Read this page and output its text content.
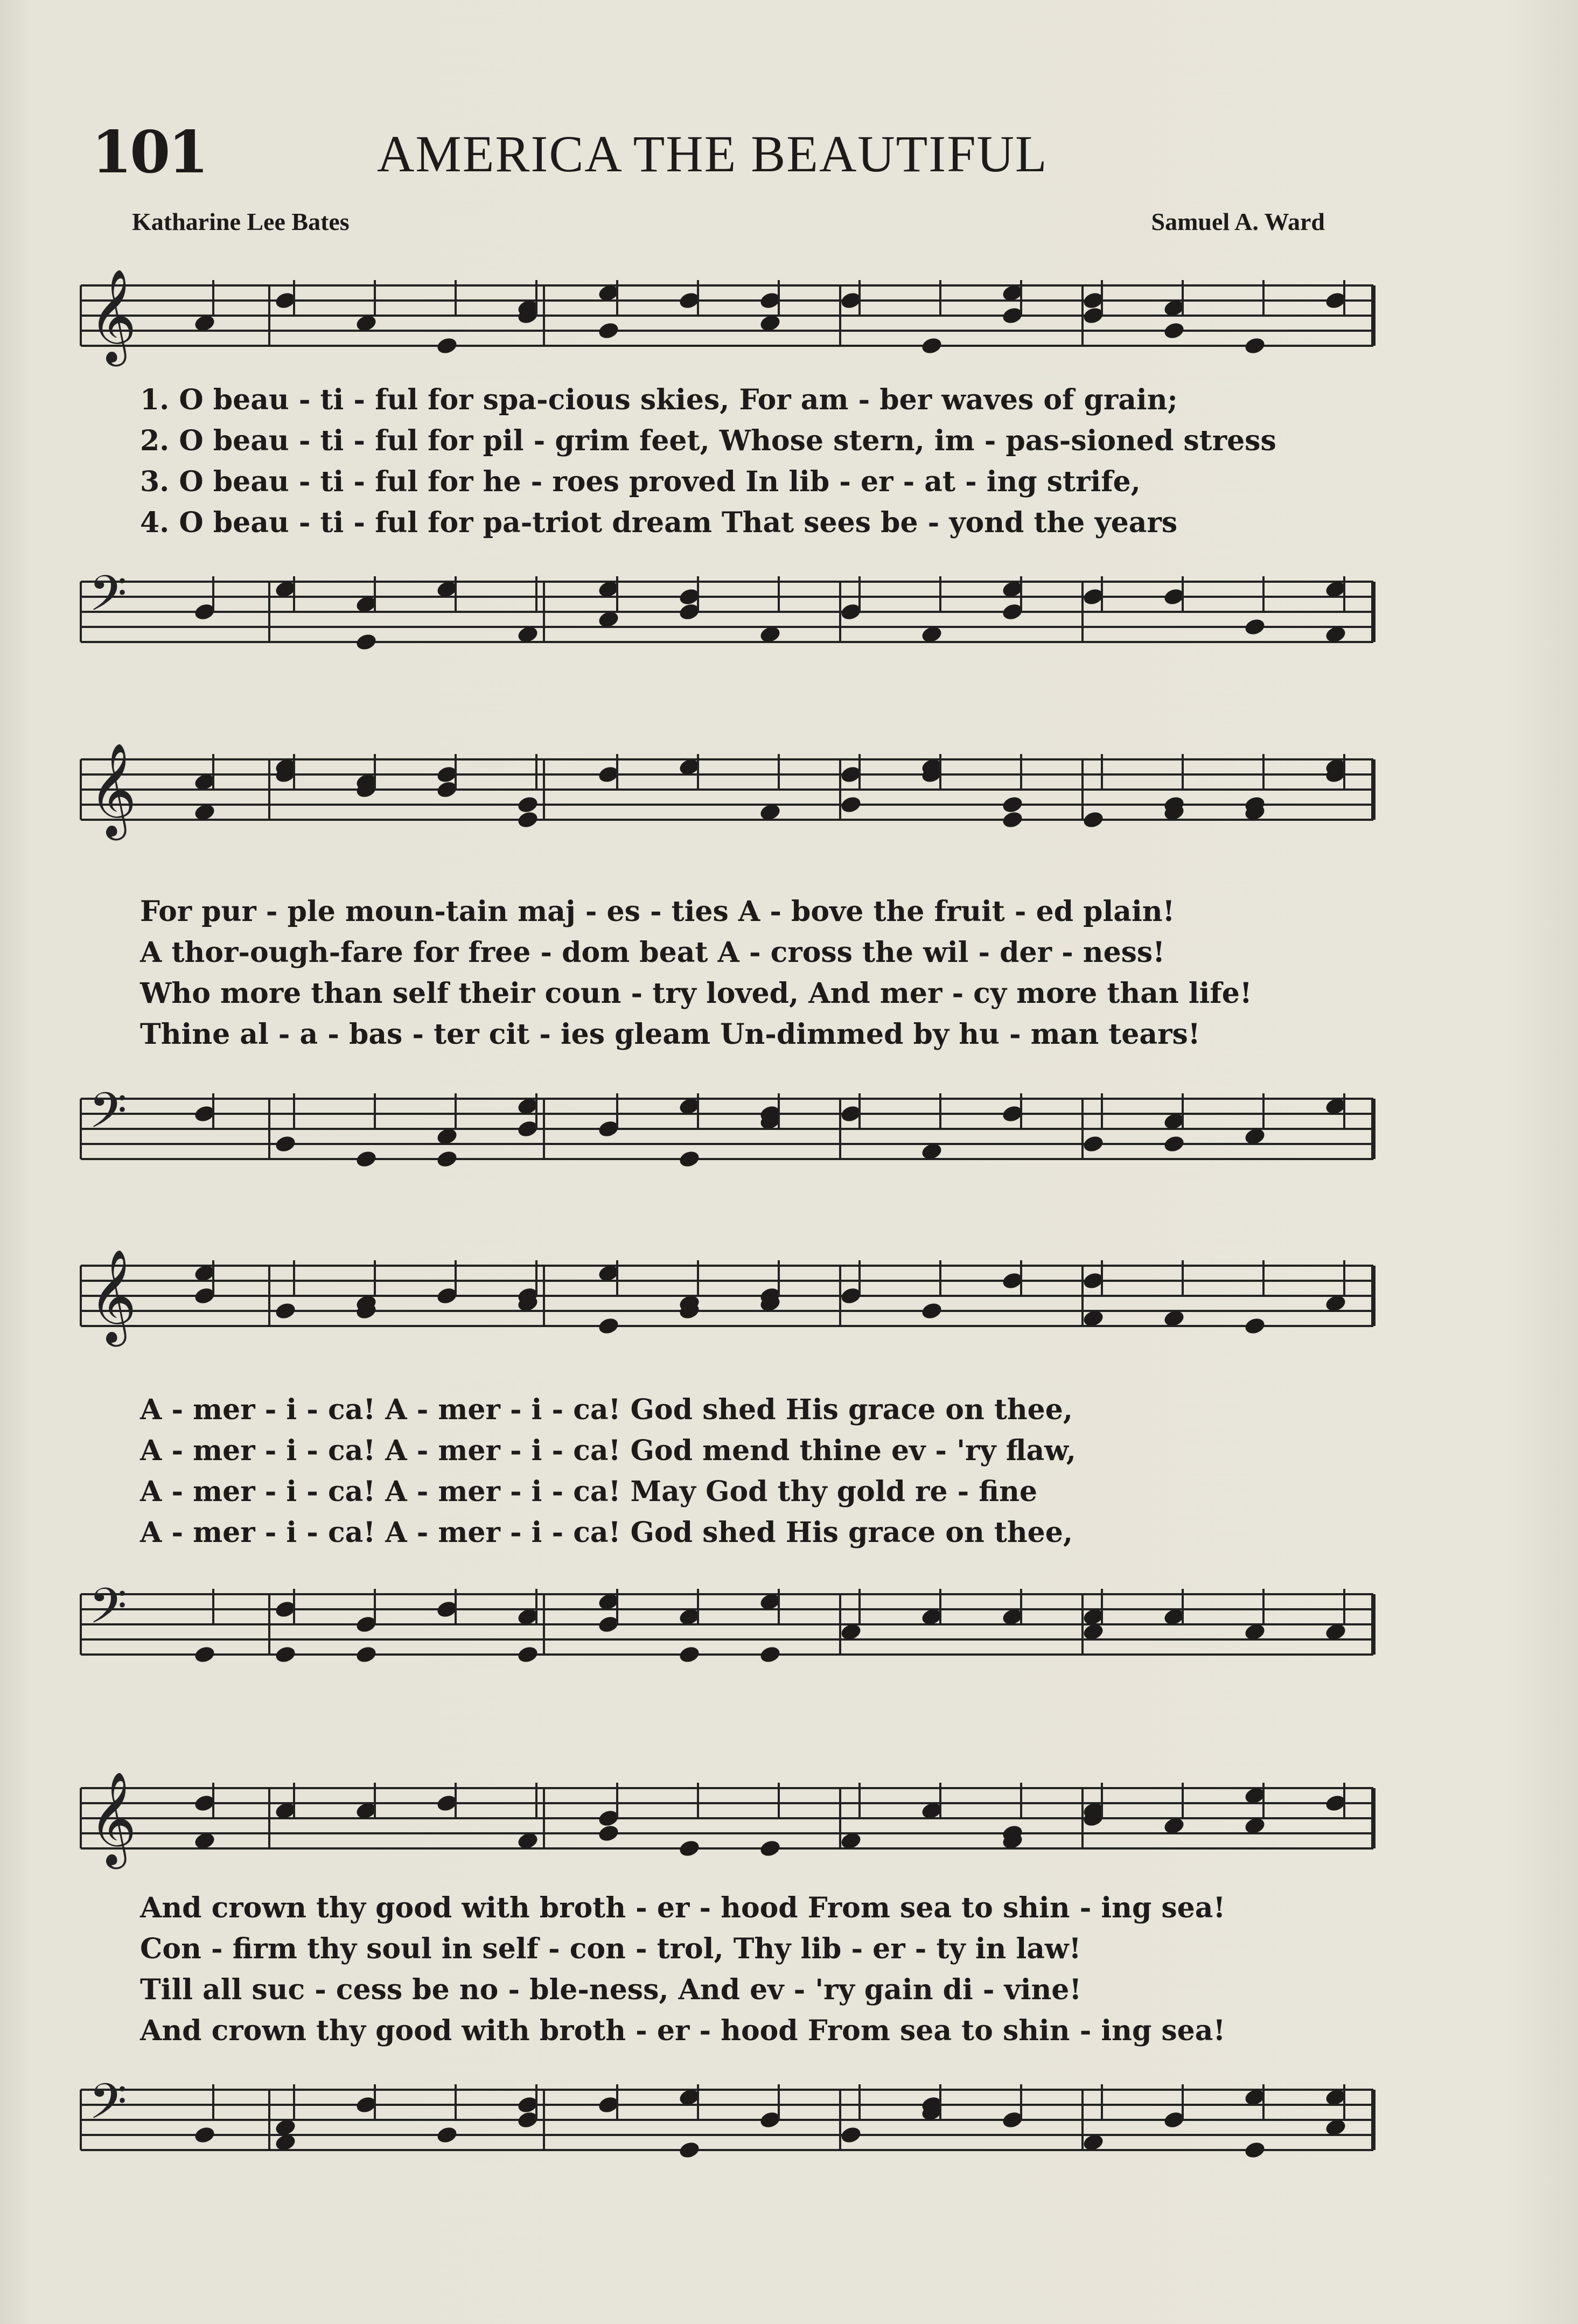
101	AMERICA THE BEAUTIFUL
Katharine Lee Bates	Samuel A. Ward
𝄞
1. O beau - ti - ful for spa-cious skies, For am - ber waves of grain;
2. O beau - ti - ful for pil - grim feet, Whose stern, im - pas-sioned stress
3. O beau - ti - ful for he - roes proved In lib - er - at - ing strife,
4. O beau - ti - ful for pa-triot dream That sees be - yond the years
𝄢
𝄞
For pur - ple moun-tain maj - es - ties A - bove the fruit - ed plain!
A thor-ough-fare for free - dom beat A - cross the wil - der - ness!
Who more than self their coun - try loved, And mer - cy more than life!
Thine al - a - bas - ter cit - ies gleam Un-dimmed by hu - man tears!
𝄢
𝄞
A - mer - i - ca! A - mer - i - ca! God shed His grace on thee,
A - mer - i - ca! A - mer - i - ca! God mend thine ev - 'ry flaw,
A - mer - i - ca! A - mer - i - ca! May God thy gold re - fine
A - mer - i - ca! A - mer - i - ca! God shed His grace on thee,
𝄢
𝄞
And crown thy good with broth - er - hood From sea to shin - ing sea!
Con - firm thy soul in self - con - trol, Thy lib - er - ty in law!
Till all suc - cess be no - ble-ness, And ev - 'ry gain di - vine!
And crown thy good with broth - er - hood From sea to shin - ing sea!
𝄢
